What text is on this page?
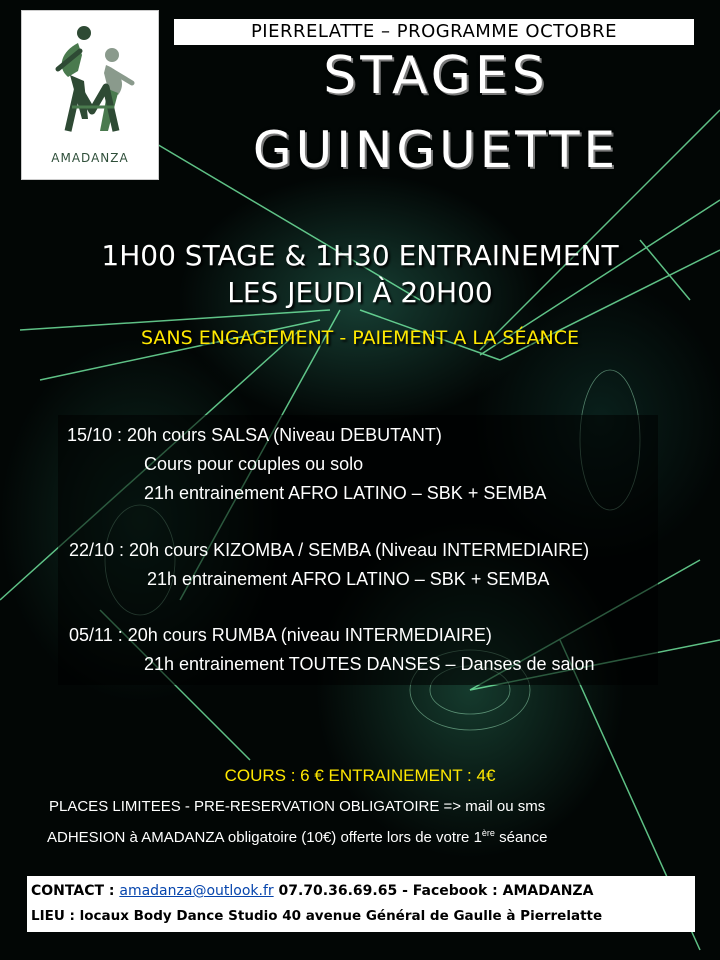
AMADANZA
PIERRELATTE – PROGRAMME OCTOBRE
STAGES
GUINGUETTE
1H00 STAGE & 1H30 ENTRAINEMENT
LES JEUDI À 20H00
SANS ENGAGEMENT - PAIEMENT A LA SÉANCE
15/10 : 20h cours SALSA (Niveau DEBUTANT)
Cours pour couples ou solo
21h entrainement AFRO LATINO – SBK + SEMBA
22/10 : 20h cours KIZOMBA / SEMBA (Niveau INTERMEDIAIRE)
21h entrainement AFRO LATINO – SBK + SEMBA
05/11 : 20h cours RUMBA (niveau INTERMEDIAIRE)
21h entrainement TOUTES DANSES – Danses de salon
COURS : 6 € ENTRAINEMENT : 4€
PLACES LIMITEES - PRE-RESERVATION OBLIGATOIRE => mail ou sms
ADHESION à AMADANZA obligatoire (10€) offerte lors de votre 1ère séance
CONTACT : amadanza@outlook.fr 07.70.36.69.65 - Facebook : AMADANZA
LIEU : locaux Body Dance Studio 40 avenue Général de Gaulle à Pierrelatte
